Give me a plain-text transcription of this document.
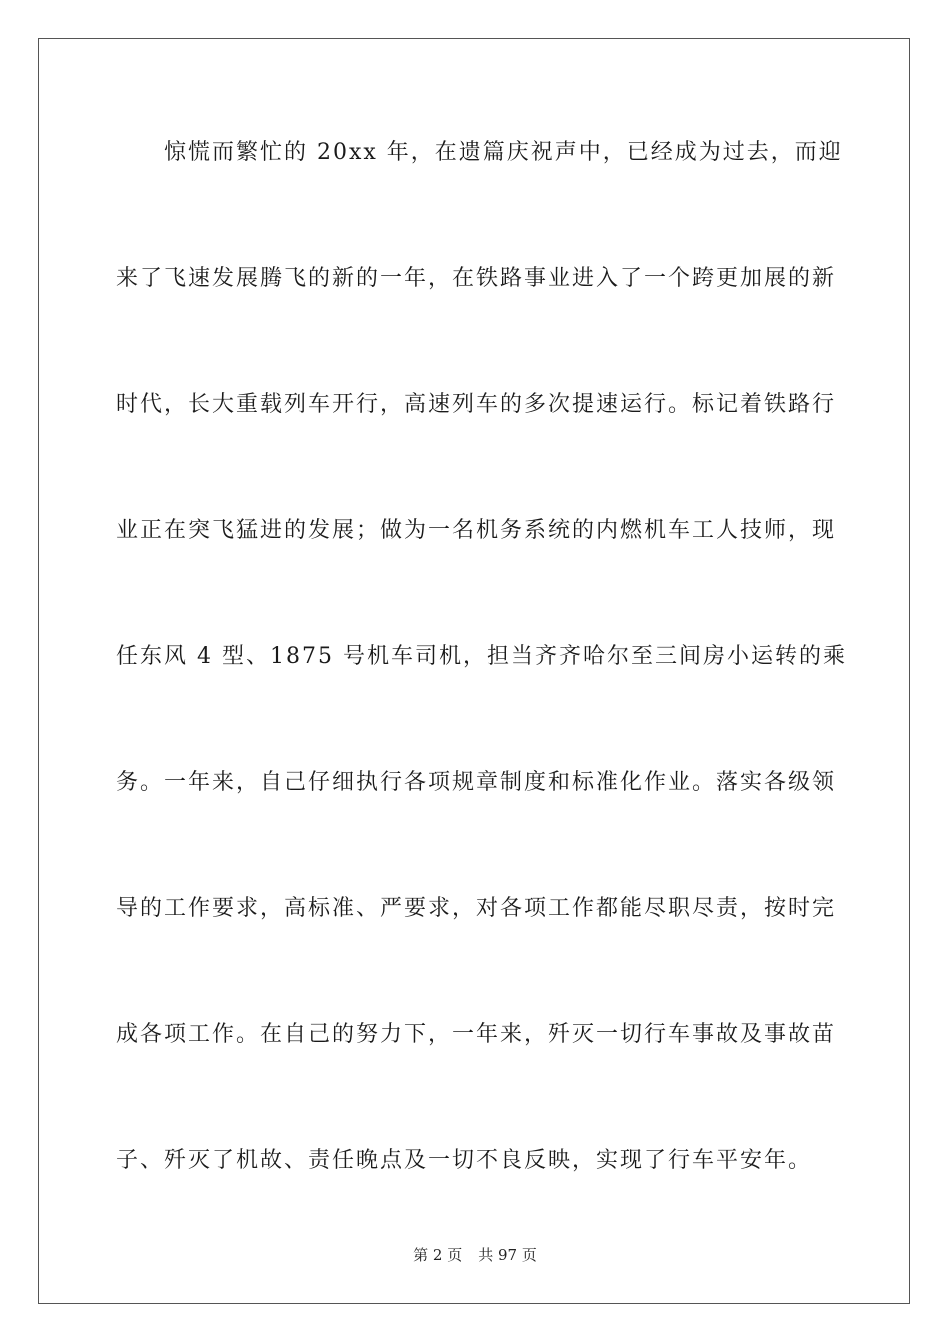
惊慌而繁忙的 20xx 年，在遗篇庆祝声中，已经成为过去，而迎
来了飞速发展腾飞的新的一年，在铁路事业进入了一个跨更加展的新
时代，长大重载列车开行，高速列车的多次提速运行。标记着铁路行
业正在突飞猛进的发展；做为一名机务系统的内燃机车工人技师，现
任东风 4 型、1875 号机车司机，担当齐齐哈尔至三间房小运转的乘
务。一年来，自己仔细执行各项规章制度和标准化作业。落实各级领
导的工作要求，高标准、严要求，对各项工作都能尽职尽责，按时完
成各项工作。在自己的努力下，一年来，歼灭一切行车事故及事故苗
子、歼灭了机故、责任晚点及一切不良反映，实现了行车平安年。
第 2 页 共 97 页
